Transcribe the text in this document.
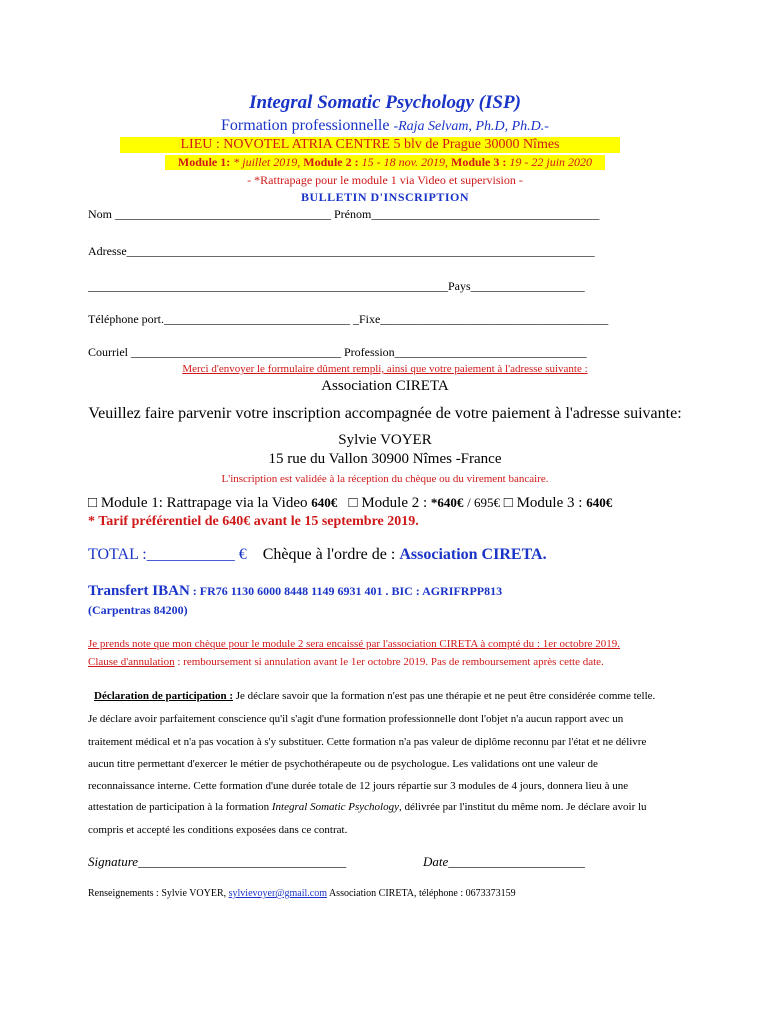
Integral Somatic Psychology (ISP)
Formation professionnelle -Raja Selvam, Ph.D, Ph.D.-
LIEU : NOVOTEL ATRIA CENTRE 5 blv de Prague 30000 Nîmes
Module 1: * juillet 2019, Module 2 : 15 - 18 nov. 2019, Module 3 : 19 - 22 juin 2020
- *Rattrapage pour le module 1 via Video et supervision -
BULLETIN D'INSCRIPTION
Nom ____________________________________ Prénom______________________________________
Adresse______________________________________________________________________________
____________________________________________________________Pays___________________
Téléphone port._______________________________ _Fixe______________________________________
Courriel ___________________________________ Profession________________________________
Merci d'envoyer le formulaire dûment rempli, ainsi que votre paiement à l'adresse suivante :
Association CIRETA
Veuillez faire parvenir votre inscription accompagnée de votre paiement à l'adresse suivante:
Sylvie VOYER
15 rue du Vallon 30900 Nîmes -France
L'inscription est validée à la réception du chèque ou du virement bancaire.
□ Module 1: Rattrapage via la Video 640€ □ Module 2 : *640€ / 695€ □ Module 3 : 640€
* Tarif préférentiel de 640€ avant le 15 septembre 2019.
TOTAL :___________ € Chèque à l'ordre de : Association CIRETA.
Transfert IBAN : FR76 1130 6000 8448 1149 6931 401 . BIC : AGRIFRPP813
(Carpentras 84200)
Je prends note que mon chèque pour le module 2 sera encaissé par l'association CIRETA à compté du : 1er octobre 2019.
Clause d'annulation : remboursement si annulation avant le 1er octobre 2019. Pas de remboursement après cette date.
Déclaration de participation : Je déclare savoir que la formation n'est pas une thérapie et ne peut être considérée comme telle.
Je déclare avoir parfaitement conscience qu'il s'agit d'une formation professionnelle dont l'objet n'a aucun rapport avec un
traitement médical et n'a pas vocation à s'y substituer. Cette formation n'a pas valeur de diplôme reconnu par l'état et ne délivre
aucun titre permettant d'exercer le métier de psychothérapeute ou de psychologue. Les validations ont une valeur de
reconnaissance interne. Cette formation d'une durée totale de 12 jours répartie sur 3 modules de 4 jours, donnera lieu à une
attestation de participation à la formation Integral Somatic Psychology, délivrée par l'institut du même nom. Je déclare avoir lu
compris et accepté les conditions exposées dans ce contrat.
Signature________________________________	Date_____________________
Renseignements : Sylvie VOYER, sylvievoyer@gmail.com Association CIRETA, téléphone : 0673373159
